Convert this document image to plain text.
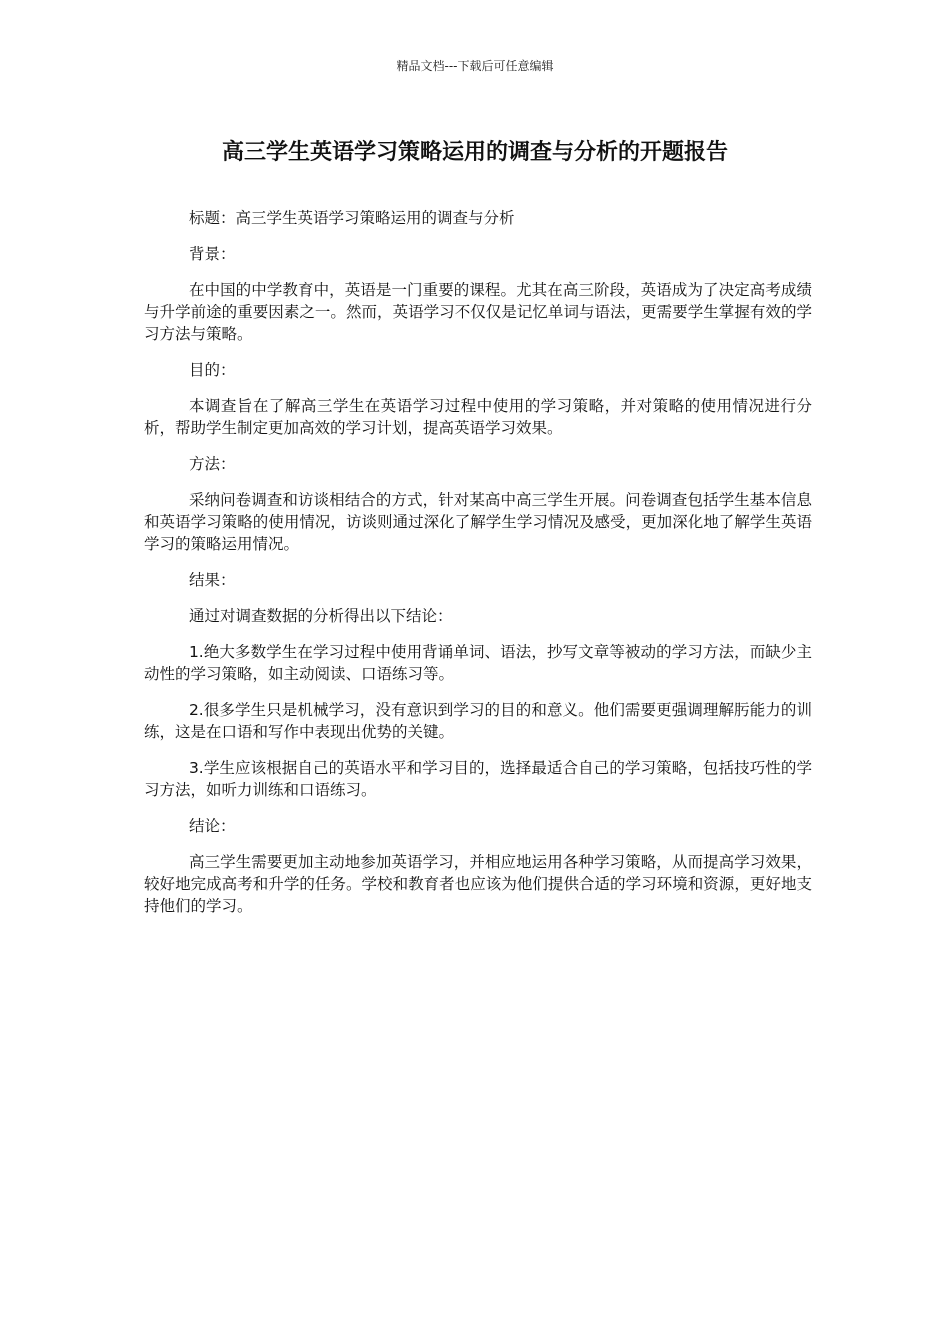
精品文档---下载后可任意编辑
高三学生英语学习策略运用的调查与分析的开题报告

标题：高三学生英语学习策略运用的调查与分析

背景：

在中国的中学教育中，英语是一门重要的课程。尤其在高三阶段，英语成为了决定高考成绩与升学前途的重要因素之一。然而，英语学习不仅仅是记忆单词与语法，更需要学生掌握有效的学习方法与策略。

目的：

本调查旨在了解高三学生在英语学习过程中使用的学习策略，并对策略的使用情况进行分析，帮助学生制定更加高效的学习计划，提高英语学习效果。

方法：

采纳问卷调查和访谈相结合的方式，针对某高中高三学生开展。问卷调查包括学生基本信息和英语学习策略的使用情况，访谈则通过深化了解学生学习情况及感受，更加深化地了解学生英语学习的策略运用情况。

结果：

通过对调查数据的分析得出以下结论：

1.绝大多数学生在学习过程中使用背诵单词、语法，抄写文章等被动的学习方法，而缺少主动性的学习策略，如主动阅读、口语练习等。

2.很多学生只是机械学习，没有意识到学习的目的和意义。他们需要更强调理解肟能力的训练，这是在口语和写作中表现出优势的关键。

3.学生应该根据自己的英语水平和学习目的，选择最适合自己的学习策略，包括技巧性的学习方法，如听力训练和口语练习。

结论：

高三学生需要更加主动地参加英语学习，并相应地运用各种学习策略，从而提高学习效果，较好地完成高考和升学的任务。学校和教育者也应该为他们提供合适的学习环境和资源，更好地支持他们的学习。
